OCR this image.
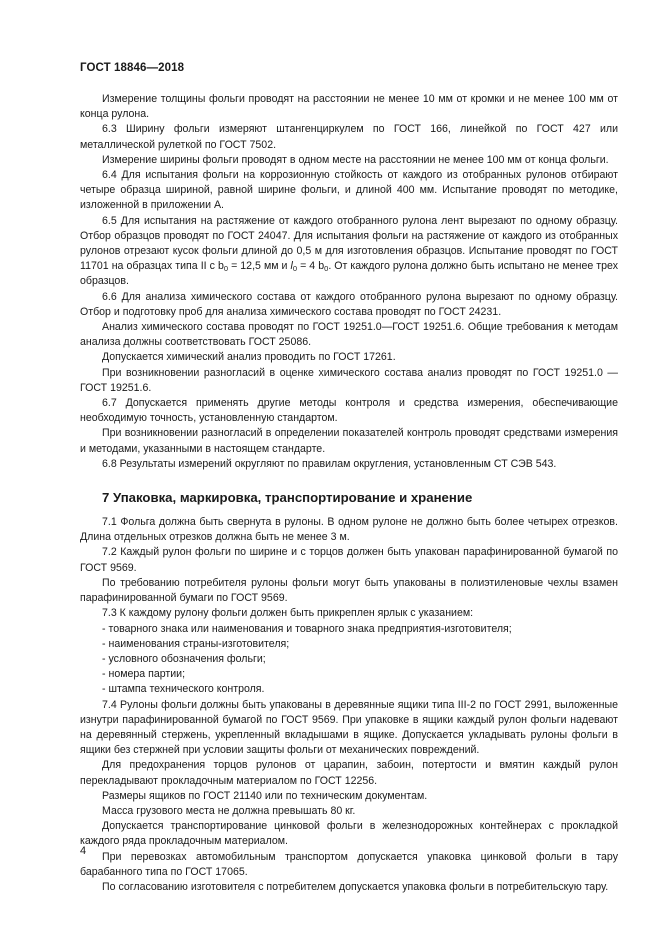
ГОСТ 18846—2018

Измерение толщины фольги проводят на расстоянии не менее 10 мм от кромки и не менее 100 мм от конца рулона.

6.3 Ширину фольги измеряют штангенциркулем по ГОСТ 166, линейкой по ГОСТ 427 или металлической рулеткой по ГОСТ 7502.

Измерение ширины фольги проводят в одном месте на расстоянии не менее 100 мм от конца фольги.

6.4 Для испытания фольги на коррозионную стойкость от каждого из отобранных рулонов отбирают четыре образца шириной, равной ширине фольги, и длиной 400 мм. Испытание проводят по методике, изложенной в приложении А.

6.5 Для испытания на растяжение от каждого отобранного рулона лент вырезают по одному образцу. Отбор образцов проводят по ГОСТ 24047. Для испытания фольги на растяжение от каждого из отобранных рулонов отрезают кусок фольги длиной до 0,5 м для изготовления образцов. Испытание проводят по ГОСТ 11701 на образцах типа II с $b_0 = 12,5$ мм и $l_0 = 4$ $b_0$. От каждого рулона должно быть испытано не менее трех образцов.

6.6 Для анализа химического состава от каждого отобранного рулона вырезают по одному образцу. Отбор и подготовку проб для анализа химического состава проводят по ГОСТ 24231.

Анализ химического состава проводят по ГОСТ 19251.0—ГОСТ 19251.6. Общие требования к методам анализа должны соответствовать ГОСТ 25086.

Допускается химический анализ проводить по ГОСТ 17261.

При возникновении разногласий в оценке химического состава анализ проводят по ГОСТ 19251.0 — ГОСТ 19251.6.

6.7 Допускается применять другие методы контроля и средства измерения, обеспечивающие необходимую точность, установленную стандартом.

При возникновении разногласий в определении показателей контроль проводят средствами измерения и методами, указанными в настоящем стандарте.

6.8 Результаты измерений округляют по правилам округления, установленным СТ СЭВ 543.

7 Упаковка, маркировка, транспортирование и хранение

7.1 Фольга должна быть свернута в рулоны. В одном рулоне не должно быть более четырех отрезков. Длина отдельных отрезков должна быть не менее 3 м.

7.2 Каждый рулон фольги по ширине и с торцов должен быть упакован парафинированной бумагой по ГОСТ 9569.

По требованию потребителя рулоны фольги могут быть упакованы в полиэтиленовые чехлы взамен парафинированной бумаги по ГОСТ 9569.

7.3 К каждому рулону фольги должен быть прикреплен ярлык с указанием:

- товарного знака или наименования и товарного знака предприятия-изготовителя;

- наименования страны-изготовителя;

- условного обозначения фольги;

- номера партии;

- штампа технического контроля.

7.4 Рулоны фольги должны быть упакованы в деревянные ящики типа III-2 по ГОСТ 2991, выложенные изнутри парафинированной бумагой по ГОСТ 9569. При упаковке в ящики каждый рулон фольги надевают на деревянный стержень, укрепленный вкладышами в ящике. Допускается укладывать рулоны фольги в ящики без стержней при условии защиты фольги от механических повреждений.

Для предохранения торцов рулонов от царапин, забоин, потертости и вмятин каждый рулон перекладывают прокладочным материалом по ГОСТ 12256.

Размеры ящиков по ГОСТ 21140 или по техническим документам.

Масса грузового места не должна превышать 80 кг.

Допускается транспортирование цинковой фольги в железнодорожных контейнерах с прокладкой каждого ряда прокладочным материалом.

При перевозках автомобильным транспортом допускается упаковка цинковой фольги в тару барабанного типа по ГОСТ 17065.

По согласованию изготовителя с потребителем допускается упаковка фольги в потребительскую тару.

4
